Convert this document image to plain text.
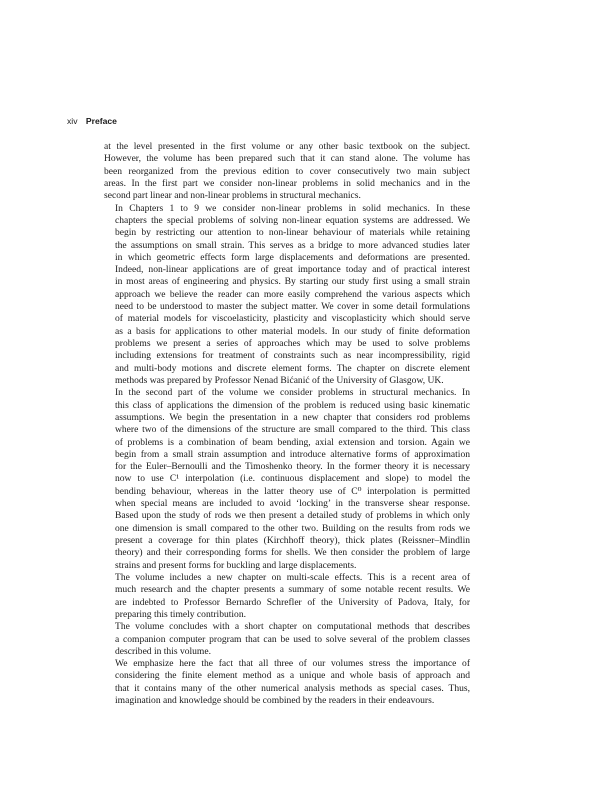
xiv Preface

at the level presented in the first volume or any other basic textbook on the subject.
However, the volume has been prepared such that it can stand alone. The volume has
been reorganized from the previous edition to cover consecutively two main subject
areas. In the first part we consider non-linear problems in solid mechanics and in the
second part linear and non-linear problems in structural mechanics.

In Chapters 1 to 9 we consider non-linear problems in solid mechanics. In these
chapters the special problems of solving non-linear equation systems are addressed. We
begin by restricting our attention to non-linear behaviour of materials while retaining
the assumptions on small strain. This serves as a bridge to more advanced studies later
in which geometric effects form large displacements and deformations are presented.
Indeed, non-linear applications are of great importance today and of practical interest
in most areas of engineering and physics. By starting our study first using a small strain
approach we believe the reader can more easily comprehend the various aspects which
need to be understood to master the subject matter. We cover in some detail formulations
of material models for viscoelasticity, plasticity and viscoplasticity which should serve
as a basis for applications to other material models. In our study of finite deformation
problems we present a series of approaches which may be used to solve problems
including extensions for treatment of constraints such as near incompressibility, rigid
and multi-body motions and discrete element forms. The chapter on discrete element
methods was prepared by Professor Nenad Bićanić of the University of Glasgow, UK.

In the second part of the volume we consider problems in structural mechanics. In
this class of applications the dimension of the problem is reduced using basic kinematic
assumptions. We begin the presentation in a new chapter that considers rod problems
where two of the dimensions of the structure are small compared to the third. This class
of problems is a combination of beam bending, axial extension and torsion. Again we
begin from a small strain assumption and introduce alternative forms of approximation
for the Euler–Bernoulli and the Timoshenko theory. In the former theory it is necessary
now to use C¹ interpolation (i.e. continuous displacement and slope) to model the
bending behaviour, whereas in the latter theory use of C⁰ interpolation is permitted
when special means are included to avoid ‘locking’ in the transverse shear response.
Based upon the study of rods we then present a detailed study of problems in which only
one dimension is small compared to the other two. Building on the results from rods we
present a coverage for thin plates (Kirchhoff theory), thick plates (Reissner–Mindlin
theory) and their corresponding forms for shells. We then consider the problem of large
strains and present forms for buckling and large displacements.

The volume includes a new chapter on multi-scale effects. This is a recent area of
much research and the chapter presents a summary of some notable recent results. We
are indebted to Professor Bernardo Schrefler of the University of Padova, Italy, for
preparing this timely contribution.

The volume concludes with a short chapter on computational methods that describes
a companion computer program that can be used to solve several of the problem classes
described in this volume.

We emphasize here the fact that all three of our volumes stress the importance of
considering the finite element method as a unique and whole basis of approach and
that it contains many of the other numerical analysis methods as special cases. Thus,
imagination and knowledge should be combined by the readers in their endeavours.
